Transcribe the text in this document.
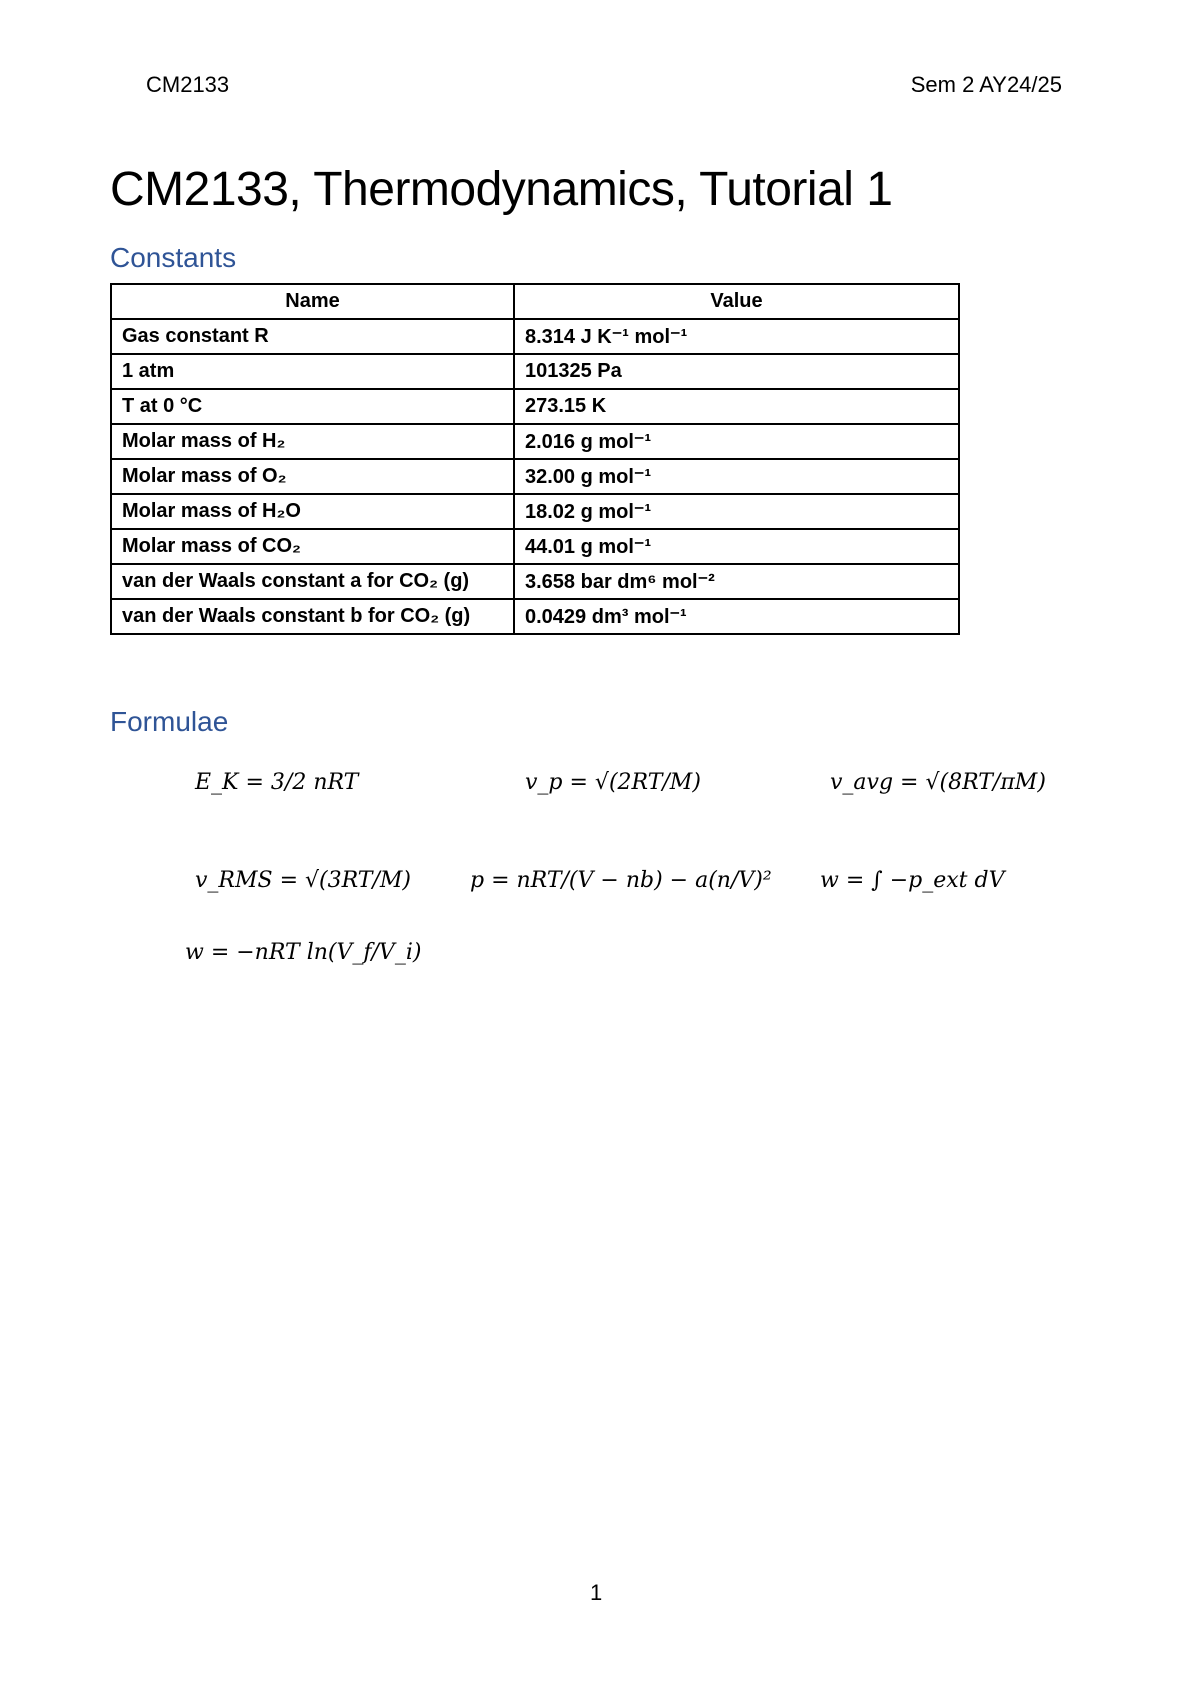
CM2133	Sem 2 AY24/25
CM2133, Thermodynamics, Tutorial 1
Constants
Name	Value
Gas constant R	8.314 J K⁻¹ mol⁻¹
1 atm	101325 Pa
T at 0 °C	273.15 K
Molar mass of H₂	2.016 g mol⁻¹
Molar mass of O₂	32.00 g mol⁻¹
Molar mass of H₂O	18.02 g mol⁻¹
Molar mass of CO₂	44.01 g mol⁻¹
van der Waals constant a for CO₂ (g)	3.658 bar dm⁶ mol⁻²
van der Waals constant b for CO₂ (g)	0.0429 dm³ mol⁻¹
Formulae
E_K = 3/2 nRT	v_p = √(2RT/M)	v_avg = √(8RT/πM)
v_RMS = √(3RT/M)	p = nRT/(V − nb) − a(n/V)² w = ∫ −p_ext dV
w = −nRT ln(V_f/V_i)
1
